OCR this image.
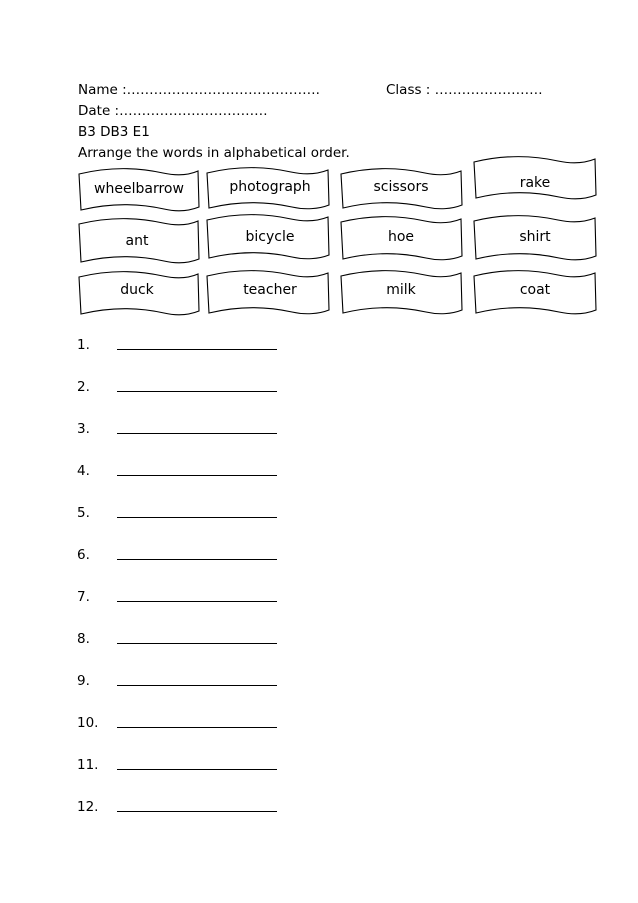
Name :…………………………………….	Class : ……………………
Date :……………………………
B3 DB3 E1
Arrange the words in alphabetical order.
wheelbarrow	photograph	scissors	rake
ant	bicycle	hoe	shirt
duck	teacher	milk	coat
1.
2.
3.
4.
5.
6.
7.
8.
9.
10.
11.
12.
